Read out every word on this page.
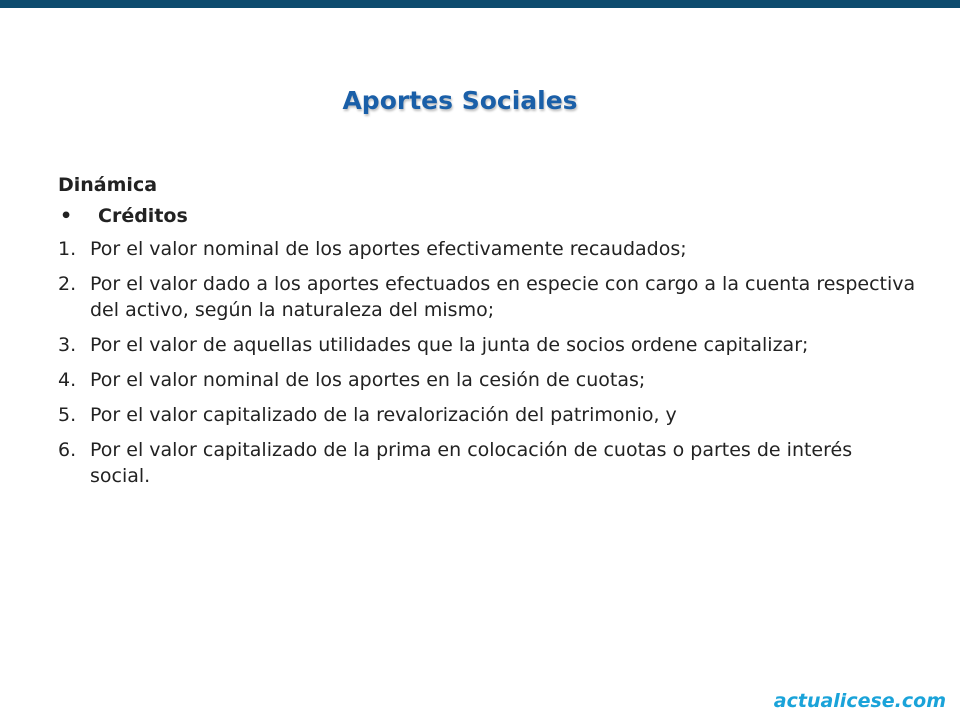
Aportes Sociales
Dinámica
•	Créditos
1. Por el valor nominal de los aportes efectivamente recaudados;
2. Por el valor dado a los aportes efectuados en especie con cargo a la cuenta respectiva del activo, según la naturaleza del mismo;
3. Por el valor de aquellas utilidades que la junta de socios ordene capitalizar;
4. Por el valor nominal de los aportes en la cesión de cuotas;
5. Por el valor capitalizado de la revalorización del patrimonio, y
6. Por el valor capitalizado de la prima en colocación de cuotas o partes de interés social.
actualicese.com
